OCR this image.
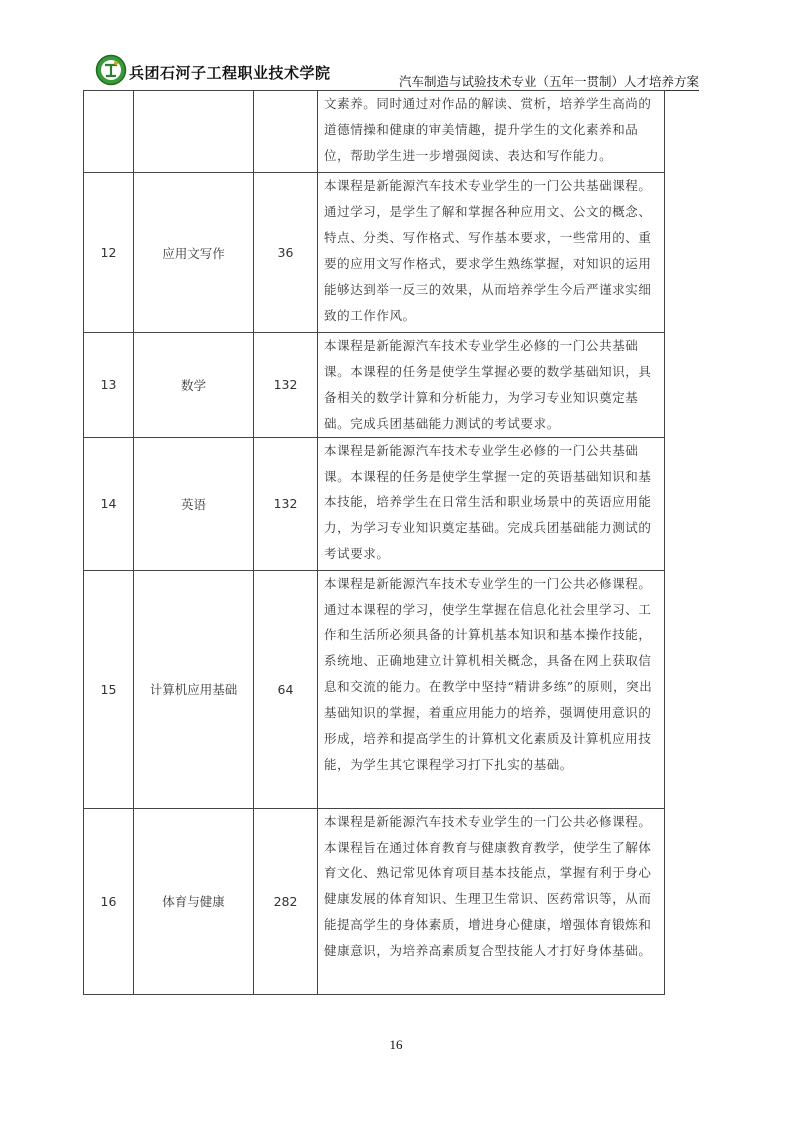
兵团石河子工程职业技术学院	汽车制造与试验技术专业（五年一贯制）人才培养方案
			文素养。同时通过对作品的解读、赏析，培养学生高尚的道德情操和健康的审美情趣，提升学生的文化素养和品位，帮助学生进一步增强阅读、表达和写作能力。
12	应用文写作	36	本课程是新能源汽车技术专业学生的一门公共基础课程。通过学习，是学生了解和掌握各种应用文、公文的概念、特点、分类、写作格式、写作基本要求，一些常用的、重要的应用文写作格式，要求学生熟练掌握，对知识的运用能够达到举一反三的效果，从而培养学生今后严谨求实细致的工作作风。
13	数学	132	本课程是新能源汽车技术专业学生必修的一门公共基础课。本课程的任务是使学生掌握必要的数学基础知识，具备相关的数学计算和分析能力，为学习专业知识奠定基础。完成兵团基础能力测试的考试要求。
14	英语	132	本课程是新能源汽车技术专业学生必修的一门公共基础课。本课程的任务是使学生掌握一定的英语基础知识和基本技能，培养学生在日常生活和职业场景中的英语应用能力，为学习专业知识奠定基础。完成兵团基础能力测试的考试要求。
15	计算机应用基础	64	本课程是新能源汽车技术专业学生的一门公共必修课程。通过本课程的学习，使学生掌握在信息化社会里学习、工作和生活所必须具备的计算机基本知识和基本操作技能，系统地、正确地建立计算机相关概念，具备在网上获取信息和交流的能力。在教学中坚持“精讲多练”的原则，突出基础知识的掌握，着重应用能力的培养，强调使用意识的形成，培养和提高学生的计算机文化素质及计算机应用技能，为学生其它课程学习打下扎实的基础。
16	体育与健康	282	本课程是新能源汽车技术专业学生的一门公共必修课程。本课程旨在通过体育教育与健康教育教学，使学生了解体育文化、熟记常见体育项目基本技能点，掌握有利于身心健康发展的体育知识、生理卫生常识、医药常识等，从而能提高学生的身体素质，增进身心健康，增强体育锻炼和健康意识，为培养高素质复合型技能人才打好身体基础。
16
